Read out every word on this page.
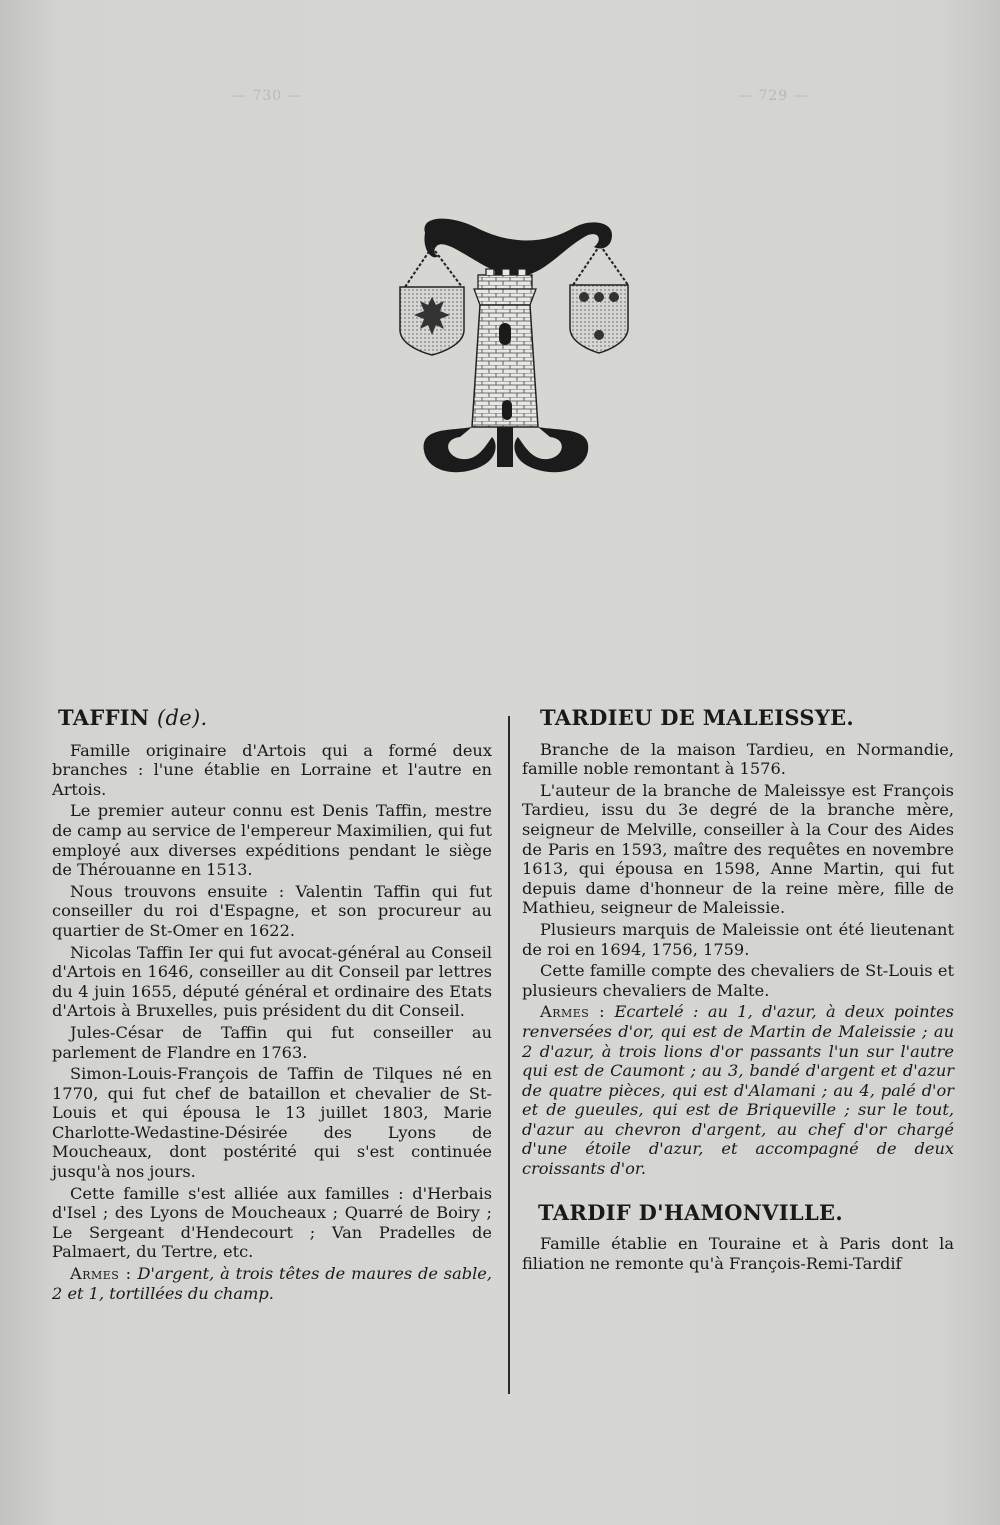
— 730 —	— 729 —
TAFFIN (de).

Famille originaire d'Artois qui a formé deux branches : l'une établie en Lorraine et l'autre en Artois.

Le premier auteur connu est Denis Taffin, mestre de camp au service de l'empereur Maximilien, qui fut employé aux diverses expéditions pendant le siège de Thérouanne en 1513.

Nous trouvons ensuite : Valentin Taffin qui fut conseiller du roi d'Espagne, et son procureur au quartier de St-Omer en 1622.

Nicolas Taffin Ier qui fut avocat-général au Conseil d'Artois en 1646, conseiller au dit Conseil par lettres du 4 juin 1655, député général et ordinaire des Etats d'Artois à Bruxelles, puis président du dit Conseil.

Jules-César de Taffin qui fut conseiller au parlement de Flandre en 1763.

Simon-Louis-François de Taffin de Tilques né en 1770, qui fut chef de bataillon et chevalier de St-Louis et qui épousa le 13 juillet 1803, Marie Charlotte-Wedastine-Désirée des Lyons de Moucheaux, dont postérité qui s'est continuée jusqu'à nos jours.

Cette famille s'est alliée aux familles : d'Herbais d'Isel ; des Lyons de Moucheaux ; Quarré de Boiry ; Le Sergeant d'Hendecourt ; Van Pradelles de Palmaert, du Tertre, etc.

Armes : D'argent, à trois têtes de maures de sable, 2 et 1, tortillées du champ.

TARDIEU DE MALEISSYE.

Branche de la maison Tardieu, en Normandie, famille noble remontant à 1576.

L'auteur de la branche de Maleissye est François Tardieu, issu du 3e degré de la branche mère, seigneur de Melville, conseiller à la Cour des Aides de Paris en 1593, maître des requêtes en novembre 1613, qui épousa en 1598, Anne Martin, qui fut depuis dame d'honneur de la reine mère, fille de Mathieu, seigneur de Maleissie.

Plusieurs marquis de Maleissie ont été lieutenant de roi en 1694, 1756, 1759.

Cette famille compte des chevaliers de St-Louis et plusieurs chevaliers de Malte.

Armes : Ecartelé : au 1, d'azur, à deux pointes renversées d'or, qui est de Martin de Maleissie ; au 2 d'azur, à trois lions d'or passants l'un sur l'autre qui est de Caumont ; au 3, bandé d'argent et d'azur de quatre pièces, qui est d'Alamani ; au 4, palé d'or et de gueules, qui est de Briqueville ; sur le tout, d'azur au chevron d'argent, au chef d'or chargé d'une étoile d'azur, et accompagné de deux croissants d'or.

TARDIF D'HAMONVILLE.

Famille établie en Touraine et à Paris dont la filiation ne remonte qu'à François-Remi-Tardif
